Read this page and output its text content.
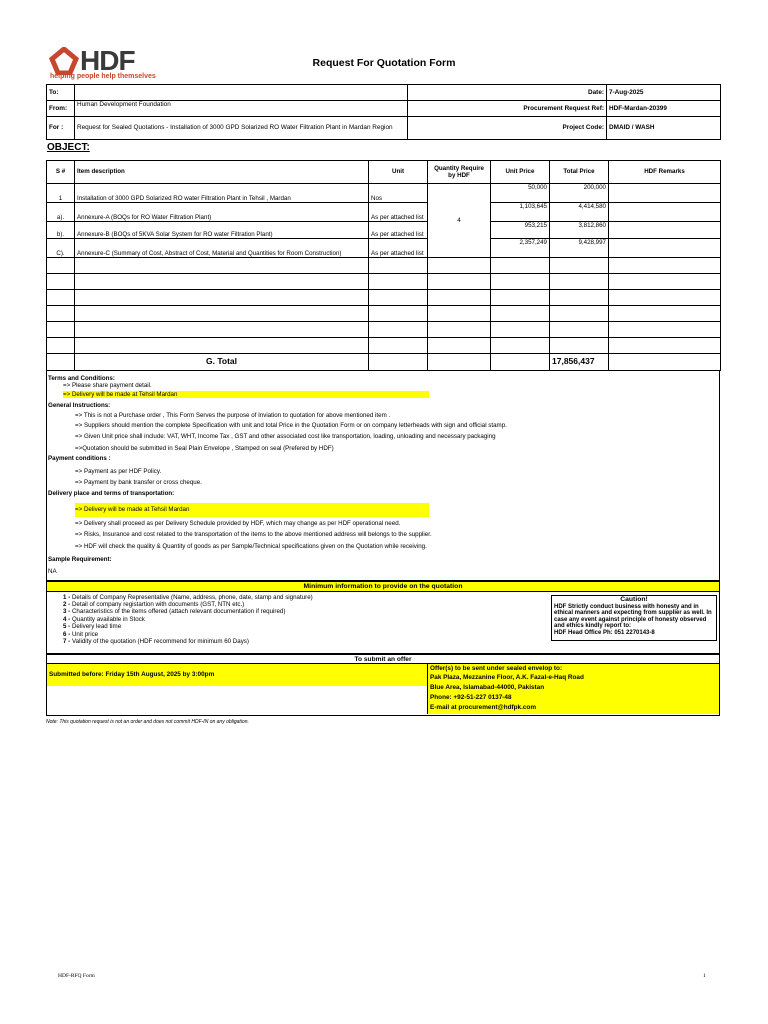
HDF
helping people help themselves
Request For Quotation Form
To:		Date:	7-Aug-2025
From:	Human Development Foundation	Procurement Request Ref:	HDF-Mardan-20399
For :	Request for Sealed Quotations - Installation of 3000 GPD Solarized RO Water Filtration Plant in Mardan Region	Project Code:	DMAID / WASH
OBJECT:
S #	Item description	Unit	Quantity Require by HDF	Unit Price	Total Price	HDF Remarks
1	Installation of 3000 GPD Solarized RO water Filtration Plant in Tehsil , Mardan	Nos	4	50,000	200,000	
a).	Annexure-A (BOQs for RO Water Filtration Plant)	As per attached list		1,103,645	4,414,580	
b).	Annexure-B (BOQs of 5KVA Solar System for RO water Filtration Plant)	As per attached list		953,215	3,812,860	
C).	Annexure-C (Summary of Cost, Abstract of Cost, Material and Quantities for Room Construction)	As per attached list		2,357,249	9,428,997	

	G. Total				17,856,437	
Terms and Conditions:
=> Please share payment detail.
=> Delivery will be made at Tehsil Mardan
General Instructions:
=> This is not a Purchase order , This Form Serves the purpose of Inviation to quotation for above mentioned item .
=> Suppliers should mention the complete Specification with unit and total Price in the Quotation Form or on company letterheads with sign and official stamp.
=> Given Unit price shall include: VAT, WHT, Income Tax , GST and other associated cost like transportation, loading, unloading and necessary packaging
=>Quotation should be submitted in Seal Plain Envelope , Stamped on seal (Prefered by HDF)
Payment conditions :
=> Payment as per HDF Policy.
=> Payment by bank transfer or cross cheque.
Delivery place and terms of transportation:
=> Delivery will be made at Tehsil Mardan
=> Delivery shall proceed as per Delivery Schedule provided by HDF, which may change as per HDF operational need.
=> Risks, Insurance and cost related to the transportation of the items to the above mentioned address will belongs to the supplier.
=> HDF will check the quality & Quantity of goods as per Sample/Technical specifications given on the Quotation while receiving.
Sample Requirement:
NA
Minimum information to provide on the quotation
1 - Details of Company Representative (Name, address, phone, date, stamp and signature)
2 - Detail of company registartion with documents (GST, NTN etc.)
3 - Characteristics of the items offered (attach relevant documentation if required)
4 - Quantity available in Stock
5 - Delivery lead time
6 - Unit price
7 - Validity of the quotation (HDF recommend for minimum 60 Days)
Caution!
HDF Strictly conduct business with honesty and in ethical manners and expecting from supplier as well. In case any event against principle of honesty observed and ethics kindly report to:
HDF Head Office Ph: 051 2270143-8
To submit an offer
Submitted before: Friday 15th August, 2025 by 3:00pm
Offer(s) to be sent under sealed envelop to:
Pak Plaza, Mezzanine Floor, A.K. Fazal-e-Haq Road
Blue Area, Islamabad-44000, Pakistan
Phone: +92-51-227 0137-48
E-mail at procurement@hdfpk.com
Note: This quotation request is not an order and does not commit HDF-IN on any obligation.
HDF-RFQ Form	1
